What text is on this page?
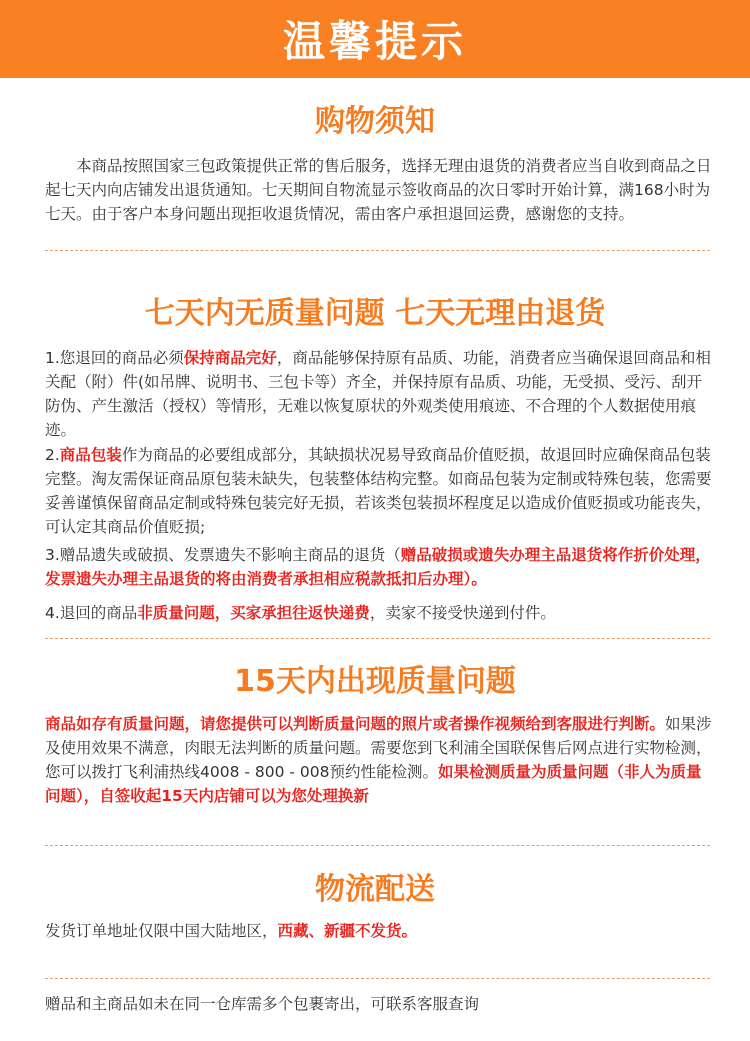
温馨提示
购物须知

　　本商品按照国家三包政策提供正常的售后服务，选择无理由退货的消费者应当自收到商品之日起七天内向店铺发出退货通知。七天期间自物流显示签收商品的次日零时开始计算，满168小时为七天。由于客户本身问题出现拒收退货情况，需由客户承担退回运费，感谢您的支持。

七天内无质量问题 七天无理由退货

1.您退回的商品必须保持商品完好，商品能够保持原有品质、功能，消费者应当确保退回商品和相关配（附）件(如吊牌、说明书、三包卡等）齐全，并保持原有品质、功能，无受损、受污、刮开防伪、产生激活（授权）等情形，无难以恢复原状的外观类使用痕迹、不合理的个人数据使用痕迹。

2.商品包装作为商品的必要组成部分，其缺损状况易导致商品价值贬损，故退回时应确保商品包装完整。淘友需保证商品原包装未缺失，包装整体结构完整。如商品包装为定制或特殊包装，您需要妥善谨慎保留商品定制或特殊包装完好无损，若该类包装损坏程度足以造成价值贬损或功能丧失，可认定其商品价值贬损;

3.赠品遗失或破损、发票遗失不影响主商品的退货（赠品破损或遗失办理主品退货将作折价处理，发票遗失办理主品退货的将由消费者承担相应税款抵扣后办理）。

4.退回的商品非质量问题，买家承担往返快递费，卖家不接受快递到付件。

15天内出现质量问题

商品如存有质量问题，请您提供可以判断质量问题的照片或者操作视频给到客服进行判断。如果涉及使用效果不满意，肉眼无法判断的质量问题。需要您到飞利浦全国联保售后网点进行实物检测，您可以拨打飞利浦热线4008 - 800 - 008预约性能检测。如果检测质量为质量问题（非人为质量问题），自签收起15天内店铺可以为您处理换新

物流配送

发货订单地址仅限中国大陆地区，西藏、新疆不发货。

赠品和主商品如未在同一仓库需多个包裹寄出，可联系客服查询
